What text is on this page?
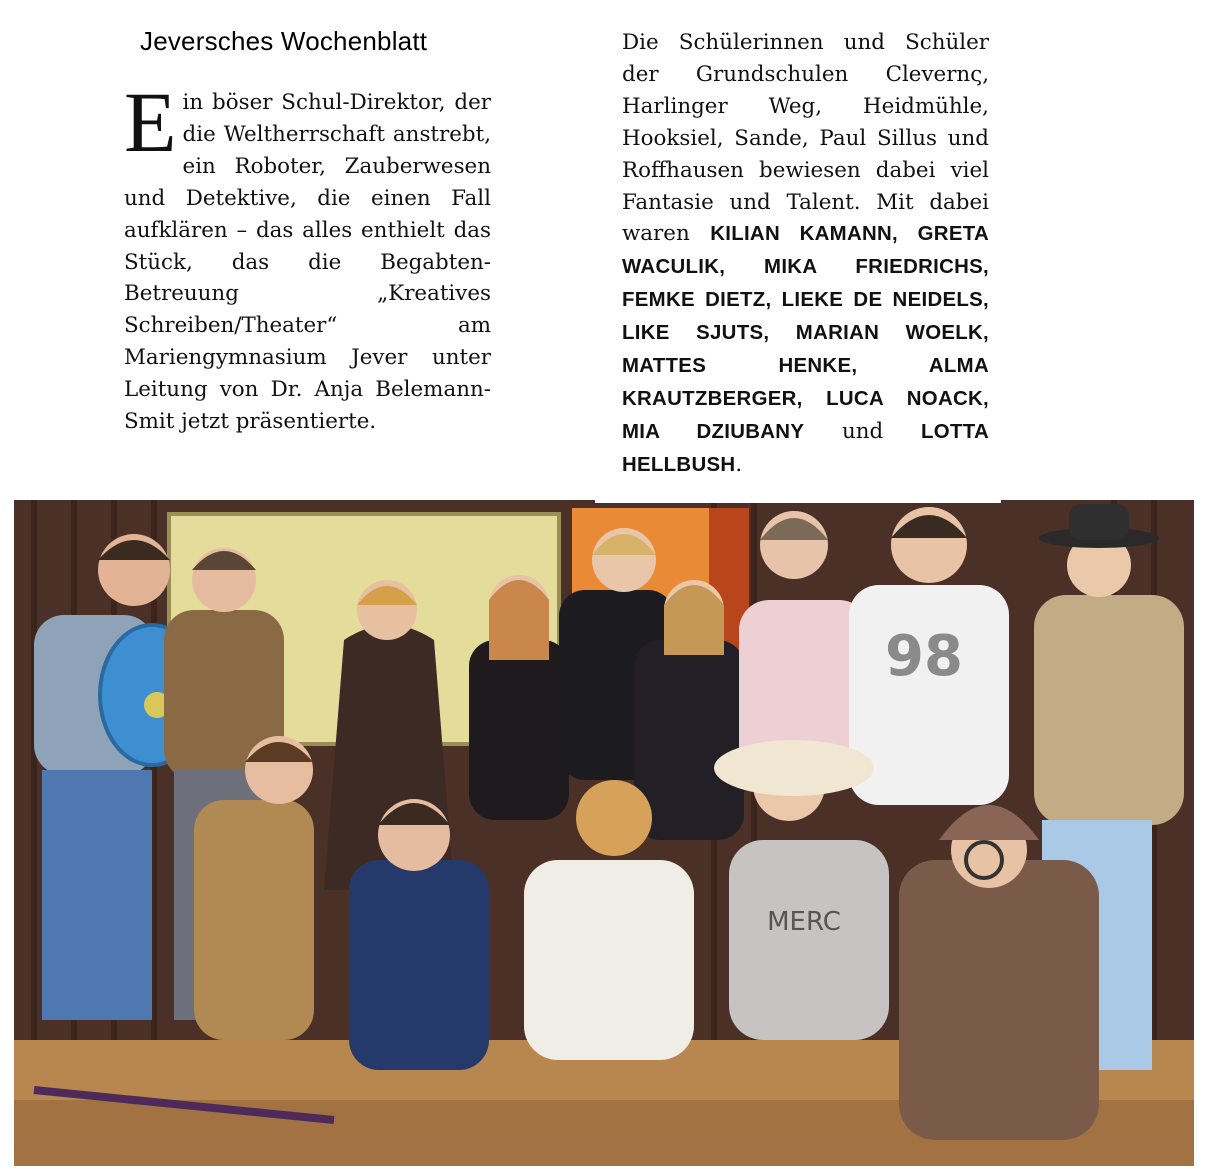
Jeversches Wochenblatt
Ein böser Schul-Direktor, der die Weltherrschaft anstrebt, ein Roboter, Zauberwesen und Detektive, die einen Fall aufklären – das alles enthielt das Stück, das die Begabten-Betreuung „Kreatives Schreiben/Theater“ am Mariengymnasium Jever unter Leitung von Dr. Anja Belemann-Smit jetzt präsentierte.
Die Schülerinnen und Schüler der Grundschulen Clevernς, Harlinger Weg, Heidmühle, Hooksiel, Sande, Paul Sillus und Roffhausen bewiesen dabei viel Fantasie und Talent. Mit dabei waren KILIAN KAMANN, GRETA WACULIK, MIKA FRIEDRICHS, FEMKE DIETZ, LIEKE DE NEIDELS, LIKE SJUTS, MARIAN WOELK, MATTES HENKE, ALMA KRAUTZBERGER, LUCA NOACK, MIA DZIUBANY und LOTTA HELLBUSH.
98
MERC
